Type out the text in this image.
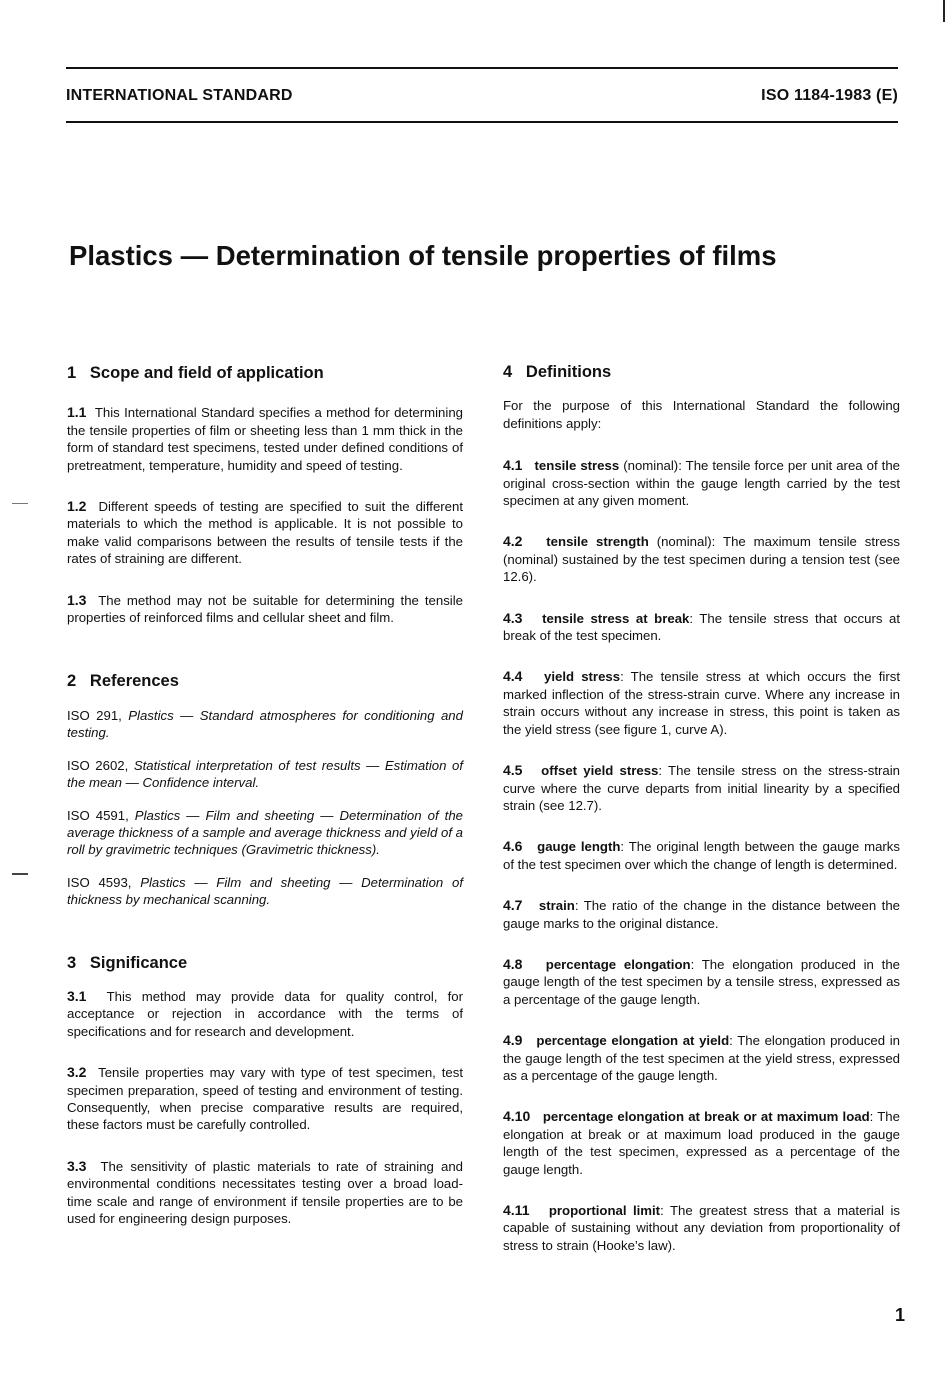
INTERNATIONAL STANDARD	ISO 1184-1983 (E)
Plastics — Determination of tensile properties of films
1   Scope and field of application

1.1 This International Standard specifies a method for determining the tensile properties of film or sheeting less than 1 mm thick in the form of standard test specimens, tested under defined conditions of pretreatment, temperature, humidity and speed of testing.

1.2 Different speeds of testing are specified to suit the different materials to which the method is applicable. It is not possible to make valid comparisons between the results of tensile tests if the rates of straining are different.

1.3 The method may not be suitable for determining the tensile properties of reinforced films and cellular sheet and film.

2   References

ISO 291, Plastics — Standard atmospheres for conditioning and testing.

ISO 2602, Statistical interpretation of test results — Estimation of the mean — Confidence interval.

ISO 4591, Plastics — Film and sheeting — Determination of the average thickness of a sample and average thickness and yield of a roll by gravimetric techniques (Gravimetric thickness).

ISO 4593, Plastics — Film and sheeting — Determination of thickness by mechanical scanning.

3   Significance

3.1 This method may provide data for quality control, for acceptance or rejection in accordance with the terms of specifications and for research and development.

3.2 Tensile properties may vary with type of test specimen, test specimen preparation, speed of testing and environment of testing. Consequently, when precise comparative results are required, these factors must be carefully controlled.

3.3 The sensitivity of plastic materials to rate of straining and environmental conditions necessitates testing over a broad load-time scale and range of environment if tensile properties are to be used for engineering design purposes.

4   Definitions

For the purpose of this International Standard the following definitions apply:

4.1 tensile stress (nominal): The tensile force per unit area of the original cross-section within the gauge length carried by the test specimen at any given moment.

4.2 tensile strength (nominal): The maximum tensile stress (nominal) sustained by the test specimen during a tension test (see 12.6).

4.3 tensile stress at break: The tensile stress that occurs at break of the test specimen.

4.4 yield stress: The tensile stress at which occurs the first marked inflection of the stress-strain curve. Where any increase in strain occurs without any increase in stress, this point is taken as the yield stress (see figure 1, curve A).

4.5 offset yield stress: The tensile stress on the stress-strain curve where the curve departs from initial linearity by a specified strain (see 12.7).

4.6 gauge length: The original length between the gauge marks of the test specimen over which the change of length is determined.

4.7 strain: The ratio of the change in the distance between the gauge marks to the original distance.

4.8 percentage elongation: The elongation produced in the gauge length of the test specimen by a tensile stress, expressed as a percentage of the gauge length.

4.9 percentage elongation at yield: The elongation produced in the gauge length of the test specimen at the yield stress, expressed as a percentage of the gauge length.

4.10 percentage elongation at break or at maximum load: The elongation at break or at maximum load produced in the gauge length of the test specimen, expressed as a percentage of the gauge length.

4.11 proportional limit: The greatest stress that a material is capable of sustaining without any deviation from proportionality of stress to strain (Hooke’s law).

1
